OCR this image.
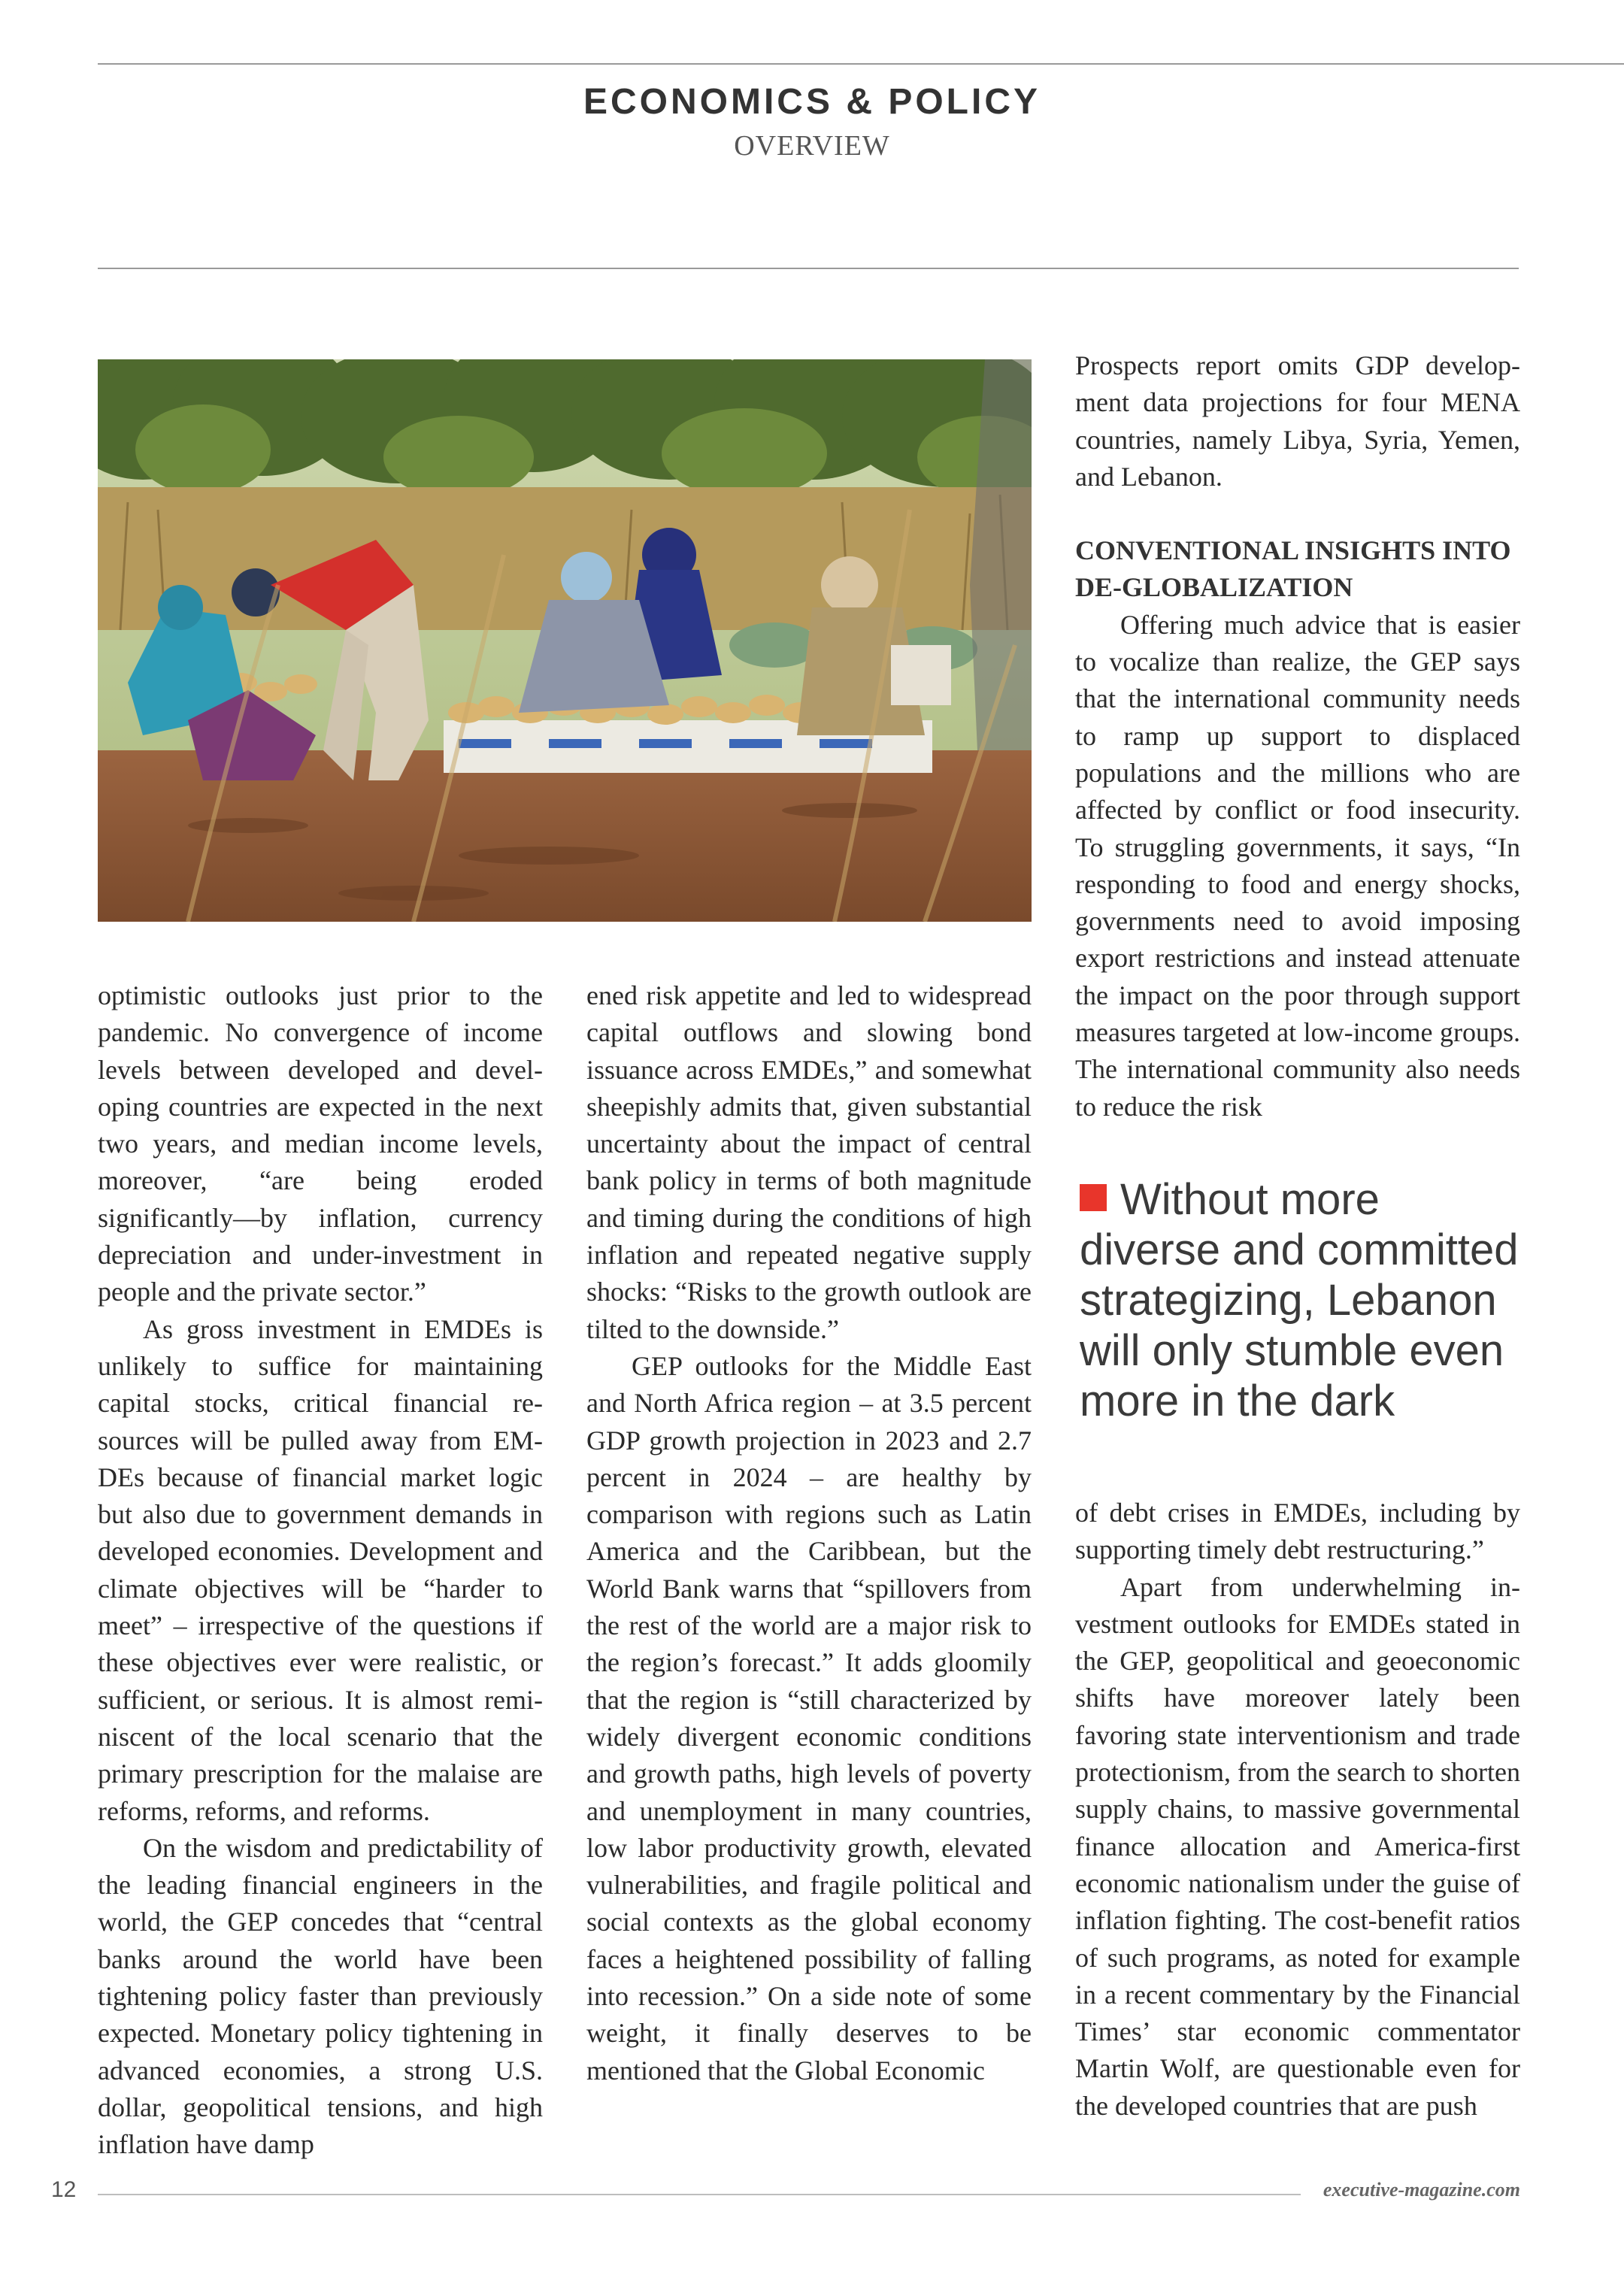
ECONOMICS & POLICY
OVERVIEW

optimistic outlooks just prior to the pandemic. No convergence of income levels between developed and developing countries are expected in the next two years, and median income levels, moreover, “are being eroded significantly—by inflation, currency depreciation and under-investment in people and the private sector.”

As gross investment in EMDEs is unlikely to suffice for maintaining capital stocks, critical financial resources will be pulled away from EMDEs because of financial market logic but also due to government demands in developed economies. Development and climate objectives will be “harder to meet” – irrespective of the questions if these objectives ever were realistic, or sufficient, or serious. It is almost reminiscent of the local scenario that the primary prescription for the malaise are reforms, reforms, and reforms.

On the wisdom and predictability of the leading financial engineers in the world, the GEP concedes that “central banks around the world have been tightening policy faster than previously expected. Monetary policy tightening in advanced economies, a strong U.S. dollar, geopolitical tensions, and high inflation have damp

ened risk appetite and led to widespread capital outflows and slowing bond issuance across EMDEs,” and somewhat sheepishly admits that, given substantial uncertainty about the impact of central bank policy in terms of both magnitude and timing during the conditions of high inflation and repeated negative supply shocks: “Risks to the growth outlook are tilted to the downside.”

GEP outlooks for the Middle East and North Africa region – at 3.5 percent GDP growth projection in 2023 and 2.7 percent in 2024 – are healthy by comparison with regions such as Latin America and the Caribbean, but the World Bank warns that “spillovers from the rest of the world are a major risk to the region’s forecast.” It adds gloomily that the region is “still characterized by widely divergent economic conditions and growth paths, high levels of poverty and unemployment in many countries, low labor productivity growth, elevated vulnerabilities, and fragile political and social contexts as the global economy faces a heightened possibility of falling into recession.” On a side note of some weight, it finally deserves to be mentioned that the Global Economic

Prospects report omits GDP development data projections for four MENA countries, namely Libya, Syria, Yemen, and Lebanon.

CONVENTIONAL INSIGHTS INTO DE-GLOBALIZATION

Offering much advice that is easier to vocalize than realize, the GEP says that the international community needs to ramp up support to displaced populations and the millions who are affected by conflict or food insecurity. To struggling governments, it says, “In responding to food and energy shocks, governments need to avoid imposing export restrictions and instead attenuate the impact on the poor through support measures targeted at low-income groups. The international community also needs to reduce the risk

Without more diverse and committed strategizing, Lebanon will only stumble even more in the dark

of debt crises in EMDEs, including by supporting timely debt restructuring.”

Apart from underwhelming investment outlooks for EMDEs stated in the GEP, geopolitical and geoeconomic shifts have moreover lately been favoring state interventionism and trade protectionism, from the search to shorten supply chains, to massive governmental finance allocation and America-first economic nationalism under the guise of inflation fighting. The cost-benefit ratios of such programs, as noted for example in a recent commentary by the Financial Times’ star economic commentator Martin Wolf, are questionable even for the developed countries that are push

12	executive-magazine.com
